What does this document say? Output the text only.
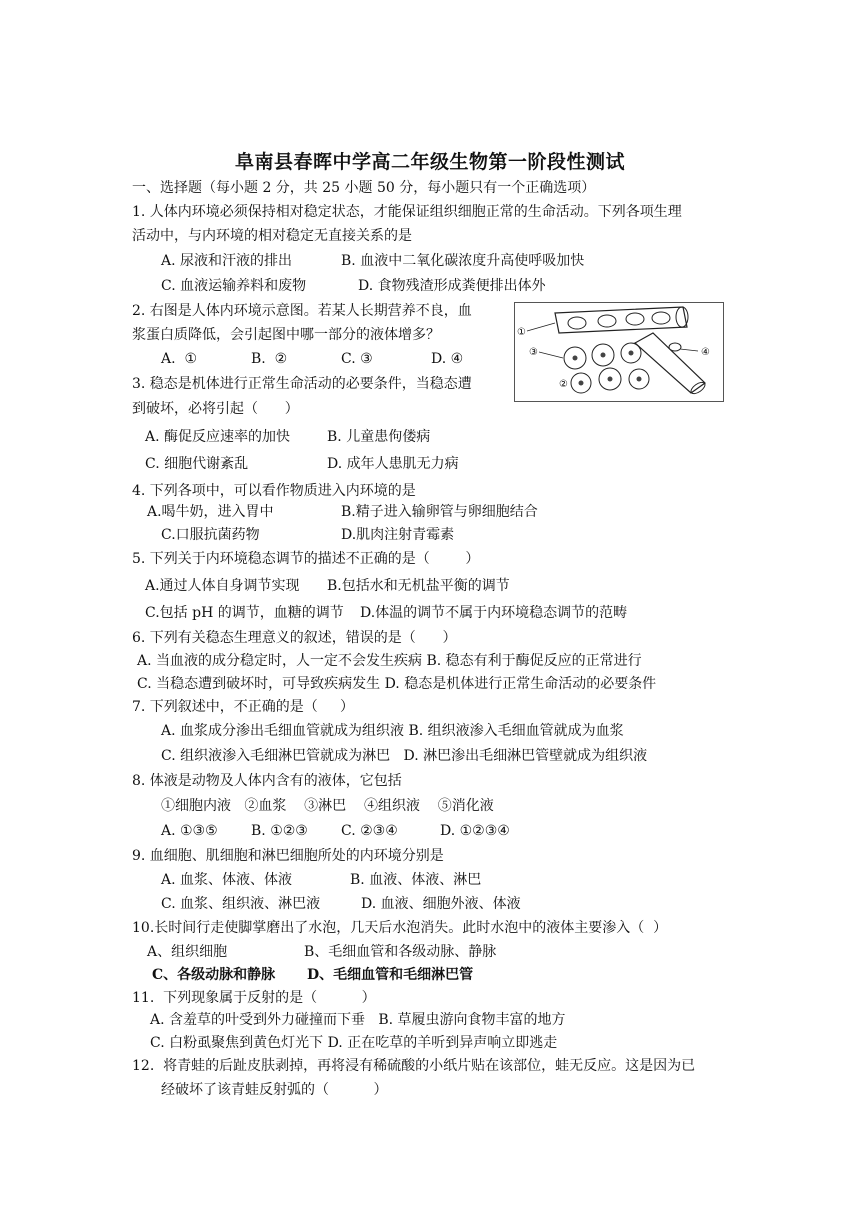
阜南县春晖中学高二年级生物第一阶段性测试
一、选择题（每小题 2 分，共 25 小题 50 分，每小题只有一个正确选项）
1. 人体内环境必须保持相对稳定状态，才能保证组织细胞正常的生命活动。下列各项生理
活动中，与内环境的相对稳定无直接关系的是
A. 尿液和汗液的排出	B. 血液中二氧化碳浓度升高使呼吸加快
C. 血液运输养料和废物	D. 食物残渣形成粪便排出体外
2. 右图是人体内环境示意图。若某人长期营养不良，血
浆蛋白质降低，会引起图中哪一部分的液体增多？
A.  ①	B.  ②	C. ③	D. ④
①
③
②
④
3. 稳态是机体进行正常生命活动的必要条件，当稳态遭
到破坏，必将引起（      ）
A. 酶促反应速率的加快	B. 儿童患佝偻病
C. 细胞代谢紊乱	D. 成年人患肌无力病
4. 下列各项中，可以看作物质进入内环境的是
A.喝牛奶，进入胃中	B.精子进入输卵管与卵细胞结合
C.口服抗菌药物	D.肌肉注射青霉素
5. 下列关于内环境稳态调节的描述不正确的是（        ）
A.通过人体自身调节实现 B.包括水和无机盐平衡的调节
C.包括 pH 的调节，血糖的调节 D.体温的调节不属于内环境稳态调节的范畴
6. 下列有关稳态生理意义的叙述，错误的是（      ）
A. 当血液的成分稳定时，人一定不会发生疾病 B. 稳态有利于酶促反应的正常进行
C. 当稳态遭到破坏时，可导致疾病发生 D. 稳态是机体进行正常生命活动的必要条件
7. 下列叙述中，不正确的是（     ）
A. 血浆成分渗出毛细血管就成为组织液 B. 组织液渗入毛细血管就成为血浆
C. 组织液渗入毛细淋巴管就成为淋巴   D. 淋巴渗出毛细淋巴管壁就成为组织液
8. 体液是动物及人体内含有的液体，它包括
①细胞内液   ②血浆    ③淋巴    ④组织液    ⑤消化液
A. ①③⑤ B. ①②③ C. ②③④	D. ①②③④
9. 血细胞、肌细胞和淋巴细胞所处的内环境分别是
A. 血浆、体液、体液	B. 血液、体液、淋巴
C. 血浆、组织液、淋巴液	D. 血液、细胞外液、体液
10.长时间行走使脚掌磨出了水泡，几天后水泡消失。此时水泡中的液体主要渗入（  ）
A、组织细胞	B、毛细血管和各级动脉、静脉
C、各级动脉和静脉 D、毛细血管和毛细淋巴管
11.  下列现象属于反射的是（          ）
A. 含羞草的叶受到外力碰撞而下垂   B. 草履虫游向食物丰富的地方
C. 白粉虱聚焦到黄色灯光下 D. 正在吃草的羊听到异声响立即逃走
12.  将青蛙的后趾皮肤剥掉，再将浸有稀硫酸的小纸片贴在该部位，蛙无反应。这是因为已
经破坏了该青蛙反射弧的（          ）
